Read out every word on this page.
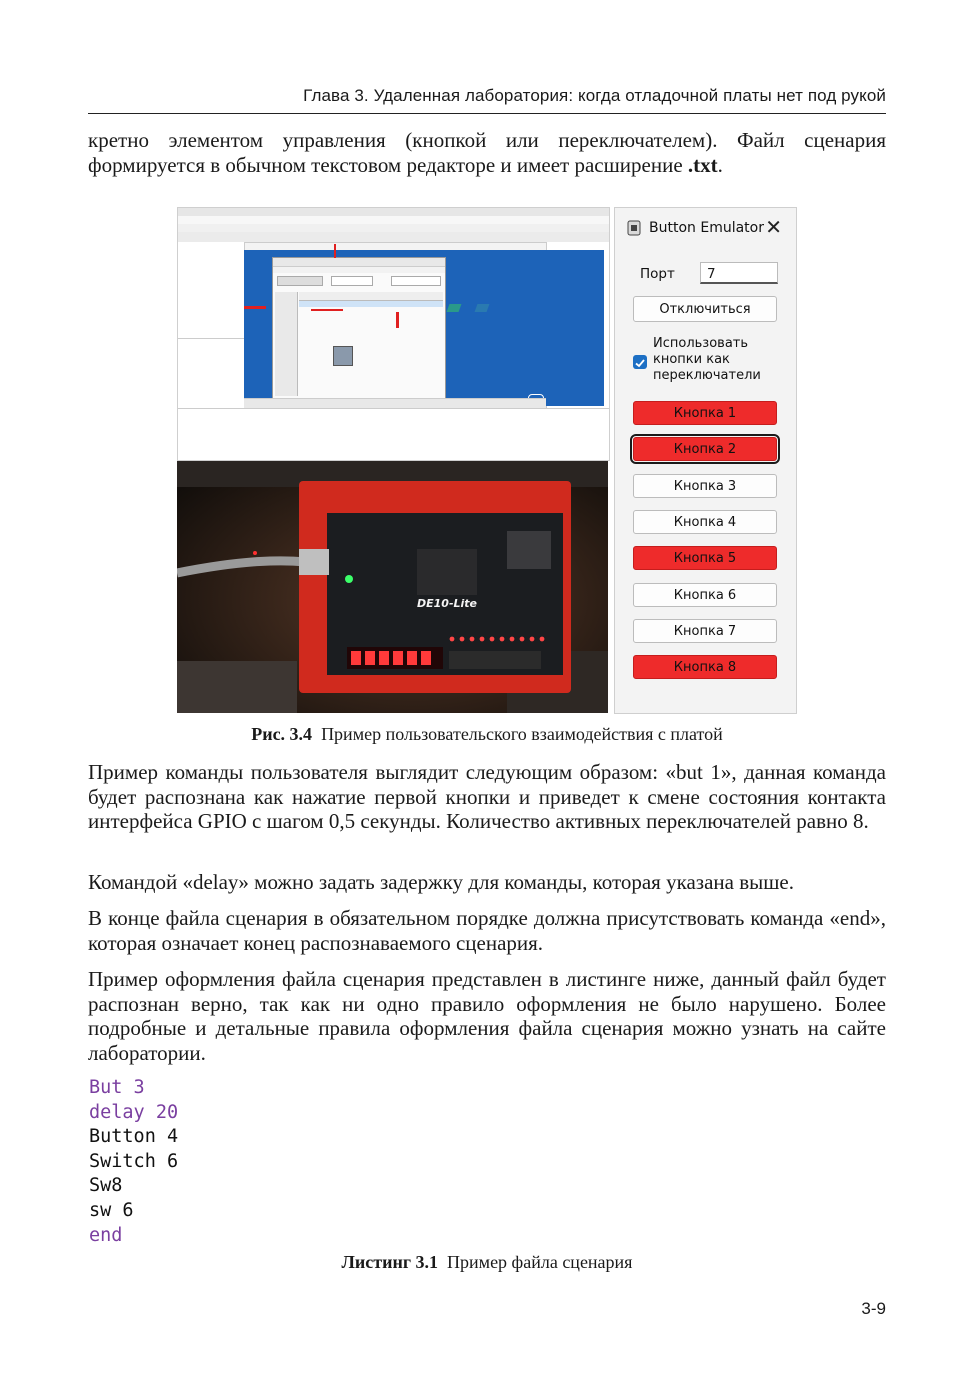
Глава 3. Удаленная лаборатория: когда отладочной платы нет под рукой
кретно элементом управления (кнопкой или переключателем). Файл сценария формируется в обычном текстовом редакторе и имеет расширение .txt.
DE10-Lite
Button Emulator ✕
Порт	7
Отключиться
Использовать кнопки как переключатели
Кнопка 1
Кнопка 2
Кнопка 3
Кнопка 4
Кнопка 5
Кнопка 6
Кнопка 7
Кнопка 8
Рис. 3.4 Пример пользовательского взаимодействия с платой
Пример команды пользователя выглядит следующим образом: «but 1», данная команда будет распознана как нажатие первой кнопки и приведет к смене состояния контакта интерфейса GPIO с шагом 0,5 секунды. Количество активных переключателей равно 8.
Командой «delay» можно задать задержку для команды, которая указана выше.
В конце файла сценария в обязательном порядке должна присутствовать команда «end», которая означает конец распознаваемого сценария.
Пример оформления файла сценария представлен в листинге ниже, данный файл будет распознан верно, так как ни одно правило оформления не было нарушено. Более подробные и детальные правила оформления файла сценария можно узнать на сайте лаборатории.
But 3
delay 20
Button 4
Switch 6
Sw8
sw 6
end
Листинг 3.1 Пример файла сценария
3-9
